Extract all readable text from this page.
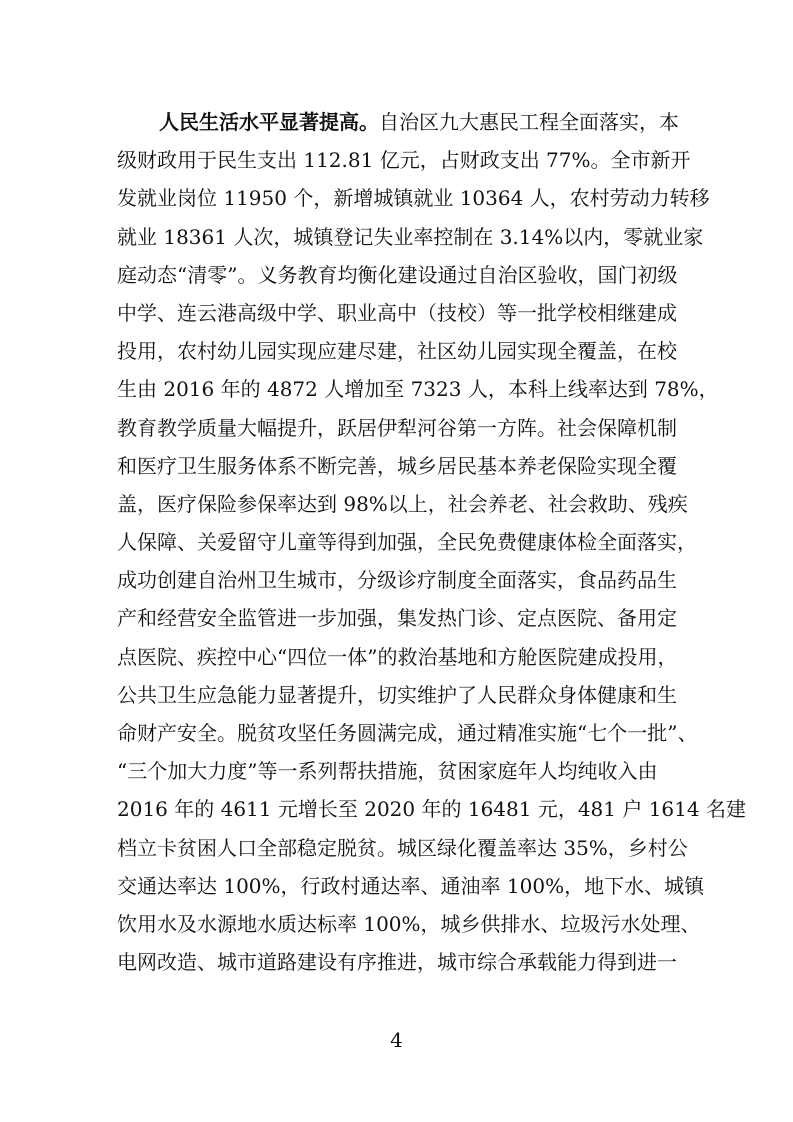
人民生活水平显著提高。自治区九大惠民工程全面落实，本
级财政用于民生支出 112.81 亿元，占财政支出 77%。全市新开
发就业岗位 11950 个，新增城镇就业 10364 人，农村劳动力转移
就业 18361 人次，城镇登记失业率控制在 3.14%以内，零就业家
庭动态“清零”。义务教育均衡化建设通过自治区验收，国门初级
中学、连云港高级中学、职业高中（技校）等一批学校相继建成
投用，农村幼儿园实现应建尽建，社区幼儿园实现全覆盖，在校
生由 2016 年的 4872 人增加至 7323 人，本科上线率达到 78%，
教育教学质量大幅提升，跃居伊犁河谷第一方阵。社会保障机制
和医疗卫生服务体系不断完善，城乡居民基本养老保险实现全覆
盖，医疗保险参保率达到 98%以上，社会养老、社会救助、残疾
人保障、关爱留守儿童等得到加强，全民免费健康体检全面落实，
成功创建自治州卫生城市，分级诊疗制度全面落实，食品药品生
产和经营安全监管进一步加强，集发热门诊、定点医院、备用定
点医院、疾控中心“四位一体”的救治基地和方舱医院建成投用，
公共卫生应急能力显著提升，切实维护了人民群众身体健康和生
命财产安全。脱贫攻坚任务圆满完成，通过精准实施“七个一批”、
“三个加大力度”等一系列帮扶措施，贫困家庭年人均纯收入由
2016 年的 4611 元增长至 2020 年的 16481 元，481 户 1614 名建
档立卡贫困人口全部稳定脱贫。城区绿化覆盖率达 35%，乡村公
交通达率达 100%，行政村通达率、通油率 100%，地下水、城镇
饮用水及水源地水质达标率 100%，城乡供排水、垃圾污水处理、
电网改造、城市道路建设有序推进，城市综合承载能力得到进一
4
